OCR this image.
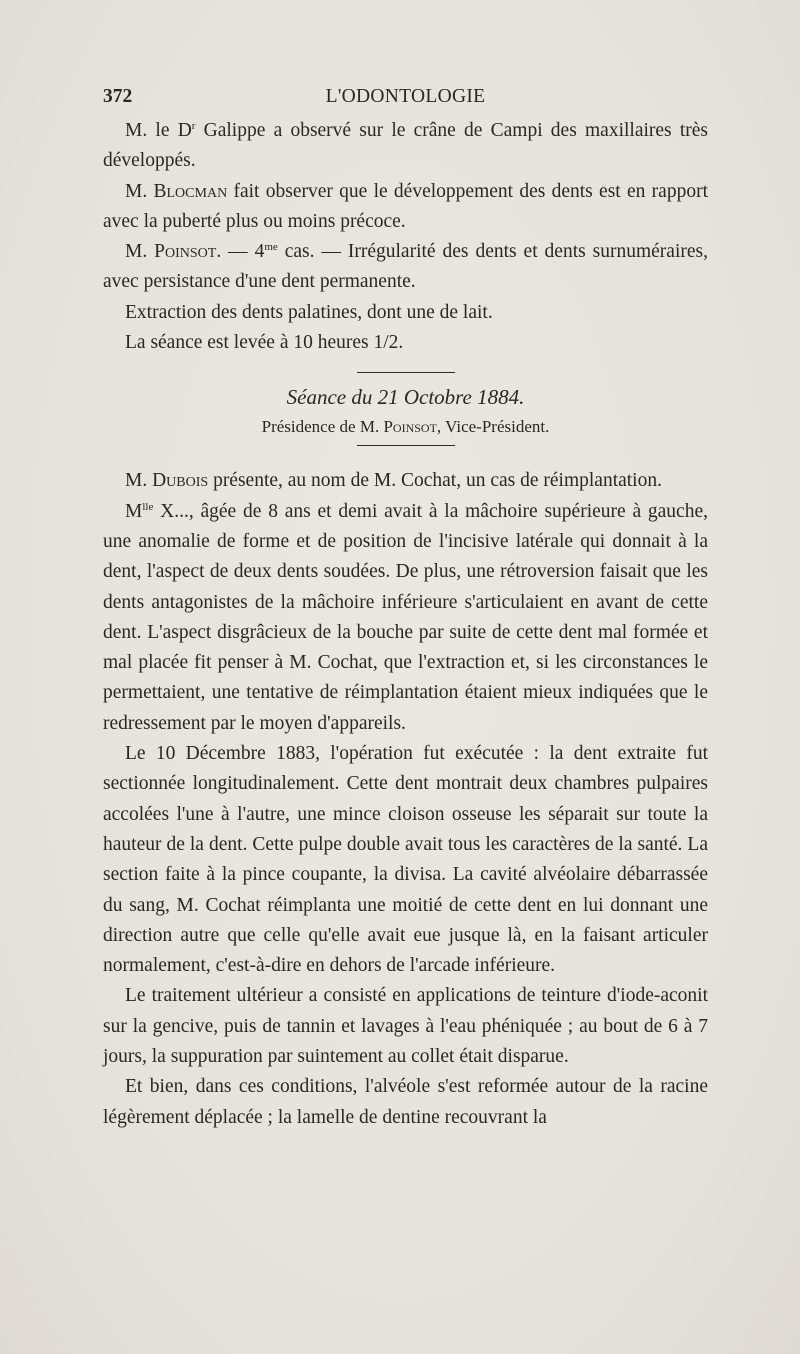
372	L'ODONTOLOGIE

M. le $D^r$ Galippe a observé sur le crâne de Campi des maxillaires très développés.

M. Blocman fait observer que le développement des dents est en rapport avec la puberté plus ou moins précoce.

M. Poinsot. — $4^{me}$ cas. — Irrégularité des dents et dents surnuméraires, avec persistance d'une dent permanente.

Extraction des dents palatines, dont une de lait.

La séance est levée à 10 heures 1/2.

Séance du 21 Octobre 1884.

Présidence de M. Poinsot, Vice-Président.

M. Dubois présente, au nom de M. Cochat, un cas de réimplantation.

$M^{lle}$ X..., âgée de 8 ans et demi avait à la mâchoire supérieure à gauche, une anomalie de forme et de position de l'incisive latérale qui donnait à la dent, l'aspect de deux dents soudées. De plus, une rétroversion faisait que les dents antagonistes de la mâchoire inférieure s'articulaient en avant de cette dent. L'aspect disgrâcieux de la bouche par suite de cette dent mal formée et mal placée fit penser à M. Cochat, que l'extraction et, si les circonstances le permettaient, une tentative de réimplantation étaient mieux indiquées que le redressement par le moyen d'appareils.

Le 10 Décembre 1883, l'opération fut exécutée : la dent extraite fut sectionnée longitudinalement. Cette dent montrait deux chambres pulpaires accolées l'une à l'autre, une mince cloison osseuse les séparait sur toute la hauteur de la dent. Cette pulpe double avait tous les caractères de la santé. La section faite à la pince coupante, la divisa. La cavité alvéolaire débarrassée du sang, M. Cochat réimplanta une moitié de cette dent en lui donnant une direction autre que celle qu'elle avait eue jusque là, en la faisant articuler normalement, c'est-à-dire en dehors de l'arcade inférieure.

Le traitement ultérieur a consisté en applications de teinture d'iode-aconit sur la gencive, puis de tannin et lavages à l'eau phéniquée ; au bout de 6 à 7 jours, la suppuration par suintement au collet était disparue.

Et bien, dans ces conditions, l'alvéole s'est reformée autour de la racine légèrement déplacée ; la lamelle de dentine recouvrant la
